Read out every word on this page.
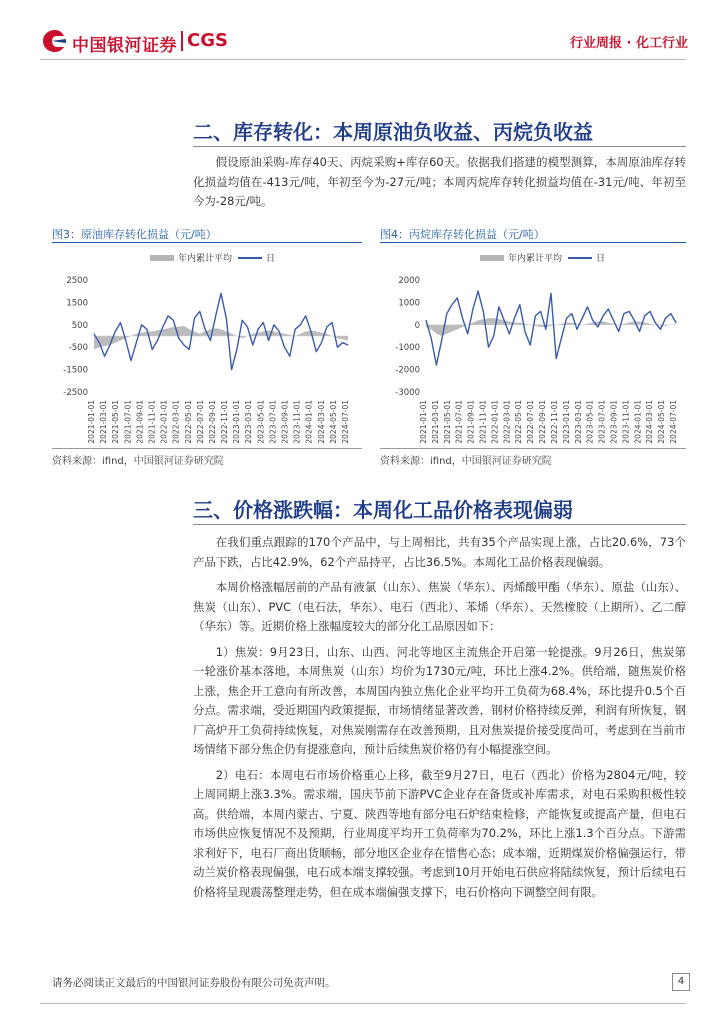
中国银河证券 CGS	行业周报 · 化工行业
二、库存转化：本周原油负收益、丙烷负收益

假设原油采购-库存40天、丙烷采购+库存60天。依据我们搭建的模型测算，本周原油库存转化损益均值在-413元/吨，年初至今为-27元/吨；本周丙烷库存转化损益均值在-31元/吨、年初至今为-28元/吨。

图3：原油库存转化损益（元/吨）
年内累计平均	日
2500
1500
500
-500
-1500
-2500
2021-01-01 2021-03-01 2021-05-01 2021-07-01 2021-09-01 2021-11-01 2022-01-01 2022-03-01 2022-05-01 2022-07-01 2022-09-01 2022-11-01 2023-01-01 2023-03-01 2023-05-01 2023-07-01 2023-09-01 2023-11-01 2024-01-01 2024-03-01 2024-05-01 2024-07-01
资料来源：ifind，中国银河证券研究院
图4：丙烷库存转化损益（元/吨）
年内累计平均	日
2000
1000
0
-1000
-2000
-3000
2021-01-01 2021-03-01 2021-05-01 2021-07-01 2021-09-01 2021-11-01 2022-01-01 2022-03-01 2022-05-01 2022-07-01 2022-09-01 2022-11-01 2023-01-01 2023-03-01 2023-05-01 2023-07-01 2023-09-01 2023-11-01 2024-01-01 2024-03-01 2024-05-01 2024-07-01
资料来源：ifind，中国银河证券研究院
三、价格涨跌幅：本周化工品价格表现偏弱

在我们重点跟踪的170个产品中，与上周相比，共有35个产品实现上涨，占比20.6%，73个产品下跌，占比42.9%，62个产品持平，占比36.5%。本周化工品价格表现偏弱。

本周价格涨幅居前的产品有液氯（山东）、焦炭（华东）、丙烯酸甲酯（华东）、原盐（山东）、焦炭（山东）、PVC（电石法，华东）、电石（西北）、苯烯（华东）、天然橡胶（上期所）、乙二醇（华东）等。近期价格上涨幅度较大的部分化工品原因如下：

1）焦炭：9月23日，山东、山西、河北等地区主流焦企开启第一轮提涨。9月26日，焦炭第一轮涨价基本落地，本周焦炭（山东）均价为1730元/吨，环比上涨4.2%。供给端，随焦炭价格上涨，焦企开工意向有所改善，本周国内独立焦化企业平均开工负荷为68.4%，环比提升0.5个百分点。需求端，受近期国内政策提振，市场情绪显著改善，钢材价格持续反弹，利润有所恢复，钢厂高炉开工负荷持续恢复，对焦炭刚需存在改善预期，且对焦炭提价接受度尚可，考虑到在当前市场情绪下部分焦企仍有提涨意向，预计后续焦炭价格仍有小幅提涨空间。

2）电石：本周电石市场价格重心上移，截至9月27日，电石（西北）价格为2804元/吨，较上周同期上涨3.3%。需求端，国庆节前下游PVC企业存在备货或补库需求，对电石采购积极性较高。供给端，本周内蒙古、宁夏、陕西等地有部分电石炉结束检修，产能恢复或提高产量，但电石市场供应恢复情况不及预期，行业周度平均开工负荷率为70.2%，环比上涨1.3个百分点。下游需求利好下，电石厂商出货顺畅，部分地区企业存在惜售心态；成本端，近期煤炭价格偏强运行，带动兰炭价格表现偏强，电石成本端支撑较强。考虑到10月开始电石供应将陆续恢复，预计后续电石价格将呈现震荡整理走势，但在成本端偏强支撑下，电石价格向下调整空间有限。

请务必阅读正文最后的中国银河证券股份有限公司免责声明。	4
